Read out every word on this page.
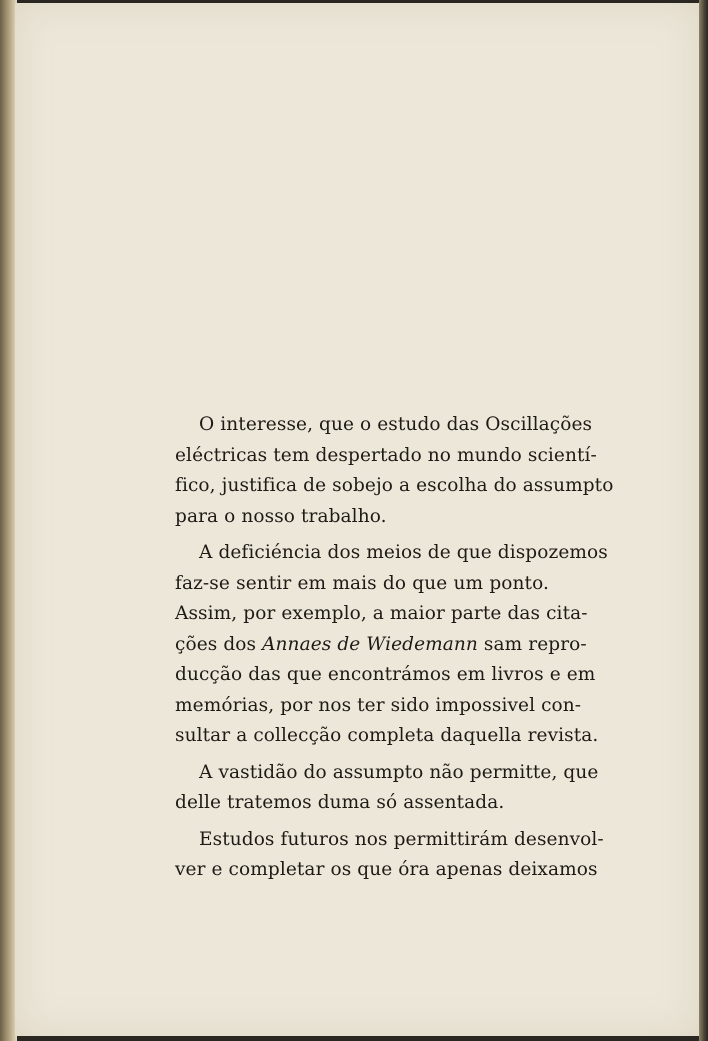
O interesse, que o estudo das Oscillações
eléctricas tem despertado no mundo scientí-
fico, justifica de sobejo a escolha do assumpto
para o nosso trabalho.

A deficiéncia dos meios de que dispozemos
faz-se sentir em mais do que um ponto.
Assim, por exemplo, a maior parte das cita-
ções dos Annaes de Wiedemann sam repro-
ducção das que encontrámos em livros e em
memórias, por nos ter sido impossivel con-
sultar a collecção completa daquella revista.

A vastidão do assumpto não permitte, que
delle tratemos duma só assentada.

Estudos futuros nos permittirám desenvol-
ver e completar os que óra apenas deixamos
